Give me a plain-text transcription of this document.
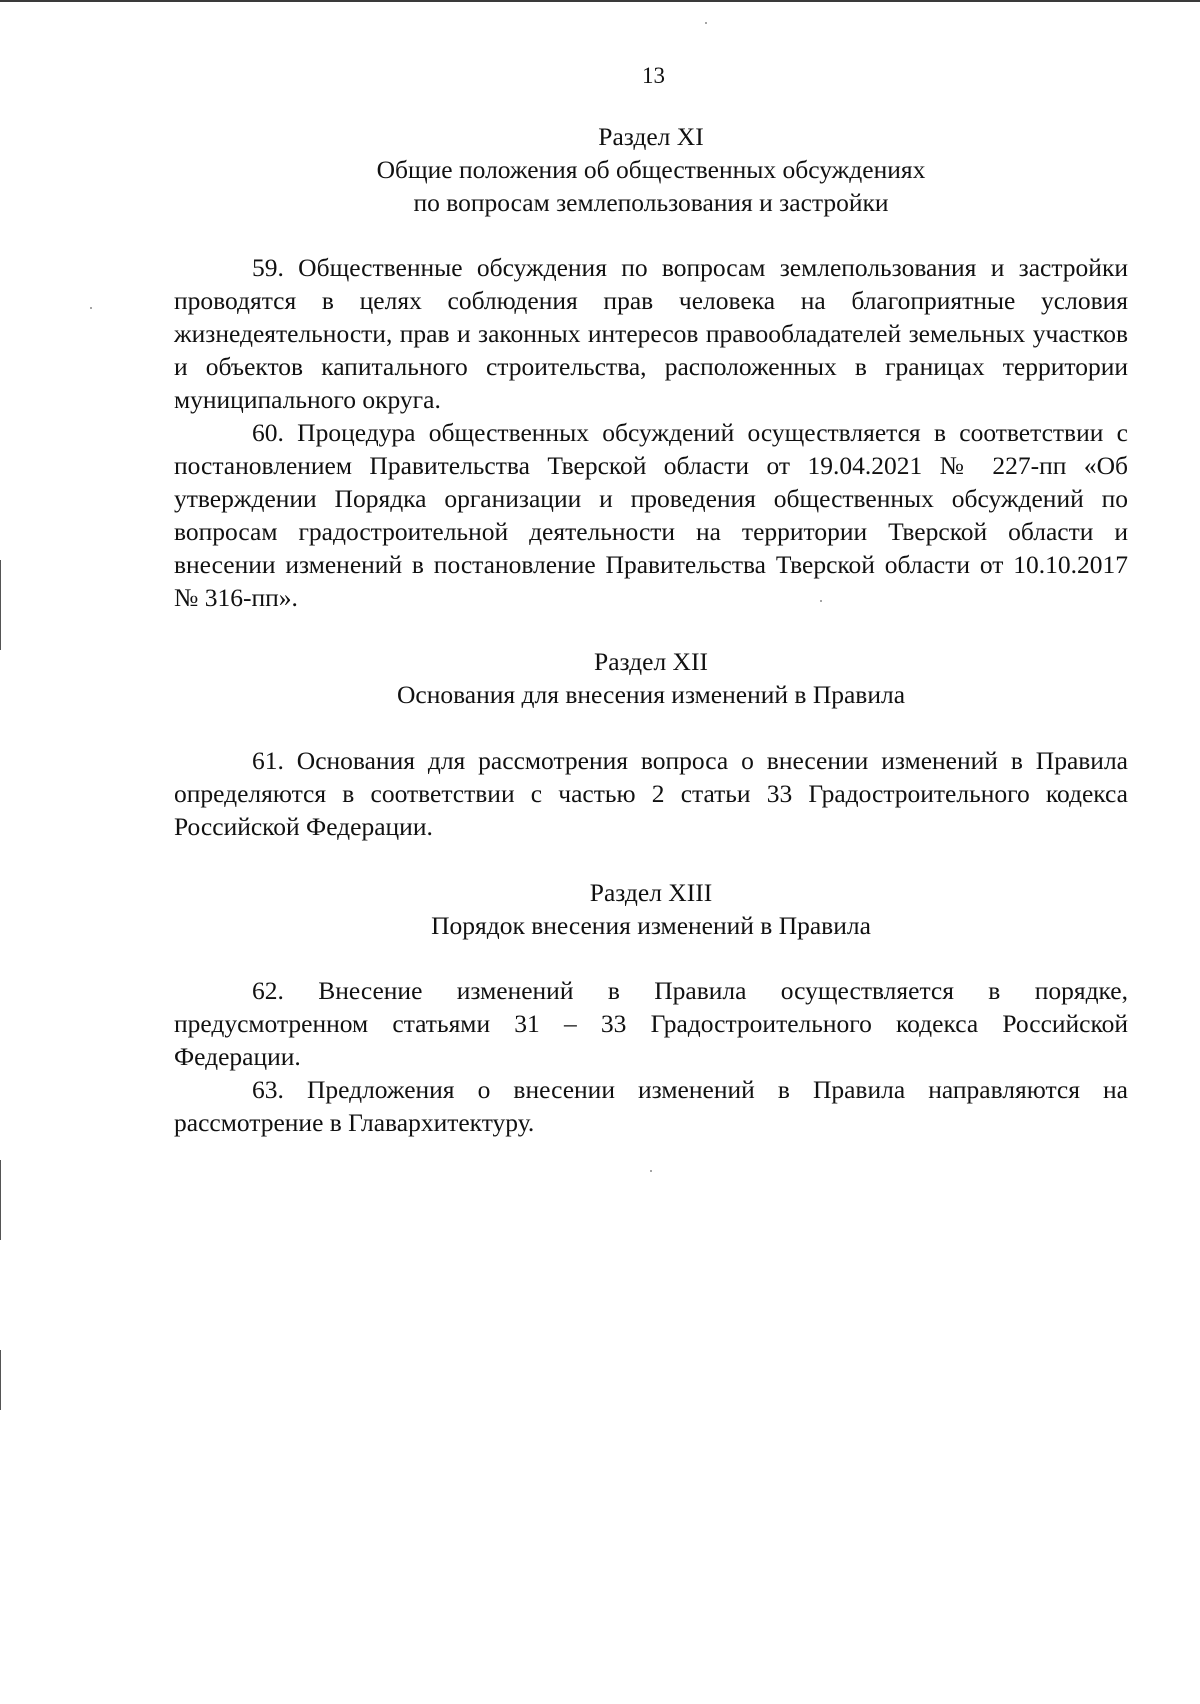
13
Раздел XI
Общие положения об общественных обсуждениях
по вопросам землепользования и застройки

59. Общественные обсуждения по вопросам землепользования и застройки проводятся в целях соблюдения прав человека на благоприятные условия жизнедеятельности, прав и законных интересов правообладателей земельных участков и объектов капитального строительства, расположенных в границах территории муниципального округа.

60. Процедура общественных обсуждений осуществляется в соответствии с постановлением Правительства Тверской области от 19.04.2021 № 227-пп «Об утверждении Порядка организации и проведения общественных обсуждений по вопросам градостроительной деятельности на территории Тверской области и внесении изменений в постановление Правительства Тверской области от 10.10.2017 № 316-пп».

Раздел XII
Основания для внесения изменений в Правила

61. Основания для рассмотрения вопроса о внесении изменений в Правила определяются в соответствии с частью 2 статьи 33 Градостроительного кодекса Российской Федерации.

Раздел XIII
Порядок внесения изменений в Правила

62. Внесение изменений в Правила осуществляется в порядке, предусмотренном статьями 31 – 33 Градостроительного кодекса Российской Федерации.

63. Предложения о внесении изменений в Правила направляются на рассмотрение в Главархитектуру.
